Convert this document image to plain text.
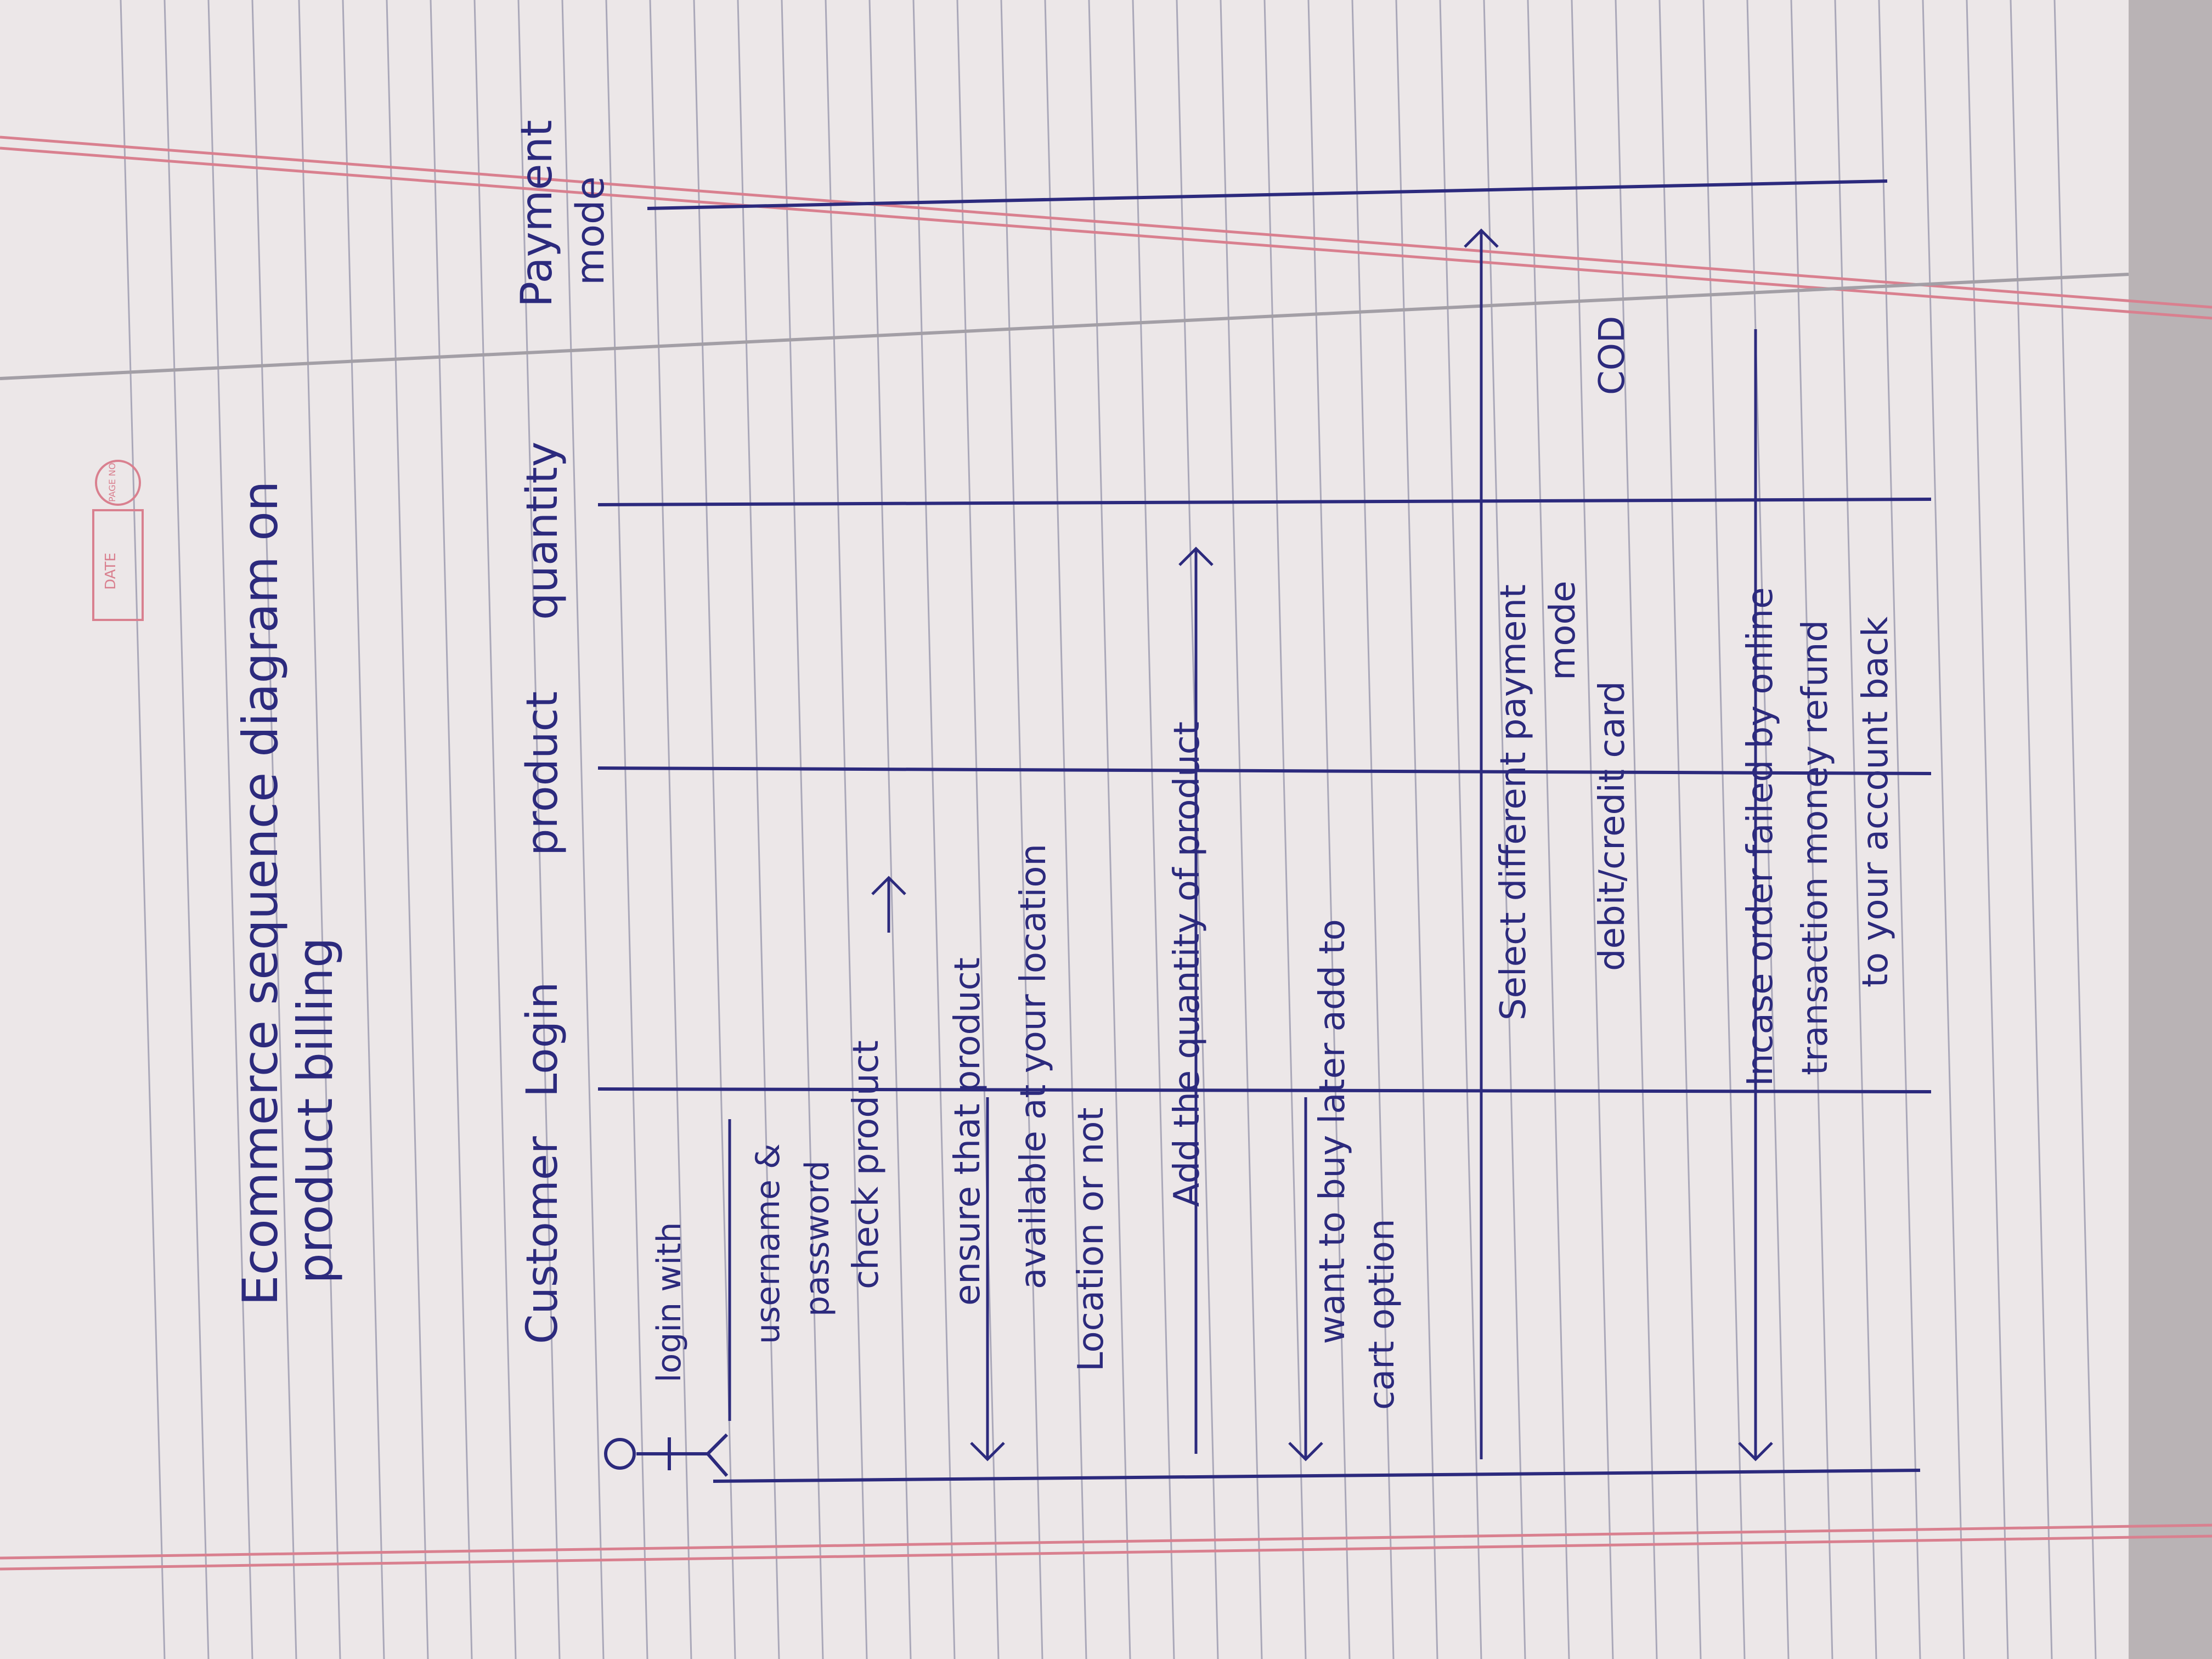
DATE
PAGE NO. Ecommerce sequence diagram on
product billing	Customer
Login
product
quantity
Payment mode
login with username & password check product ensure that product available at your location Location or not
Add the quantity of product	want to buy later add to cart option
Select different payment mode
debit/credit card
COD
Incase order failed by online transaction money refund to your account back
